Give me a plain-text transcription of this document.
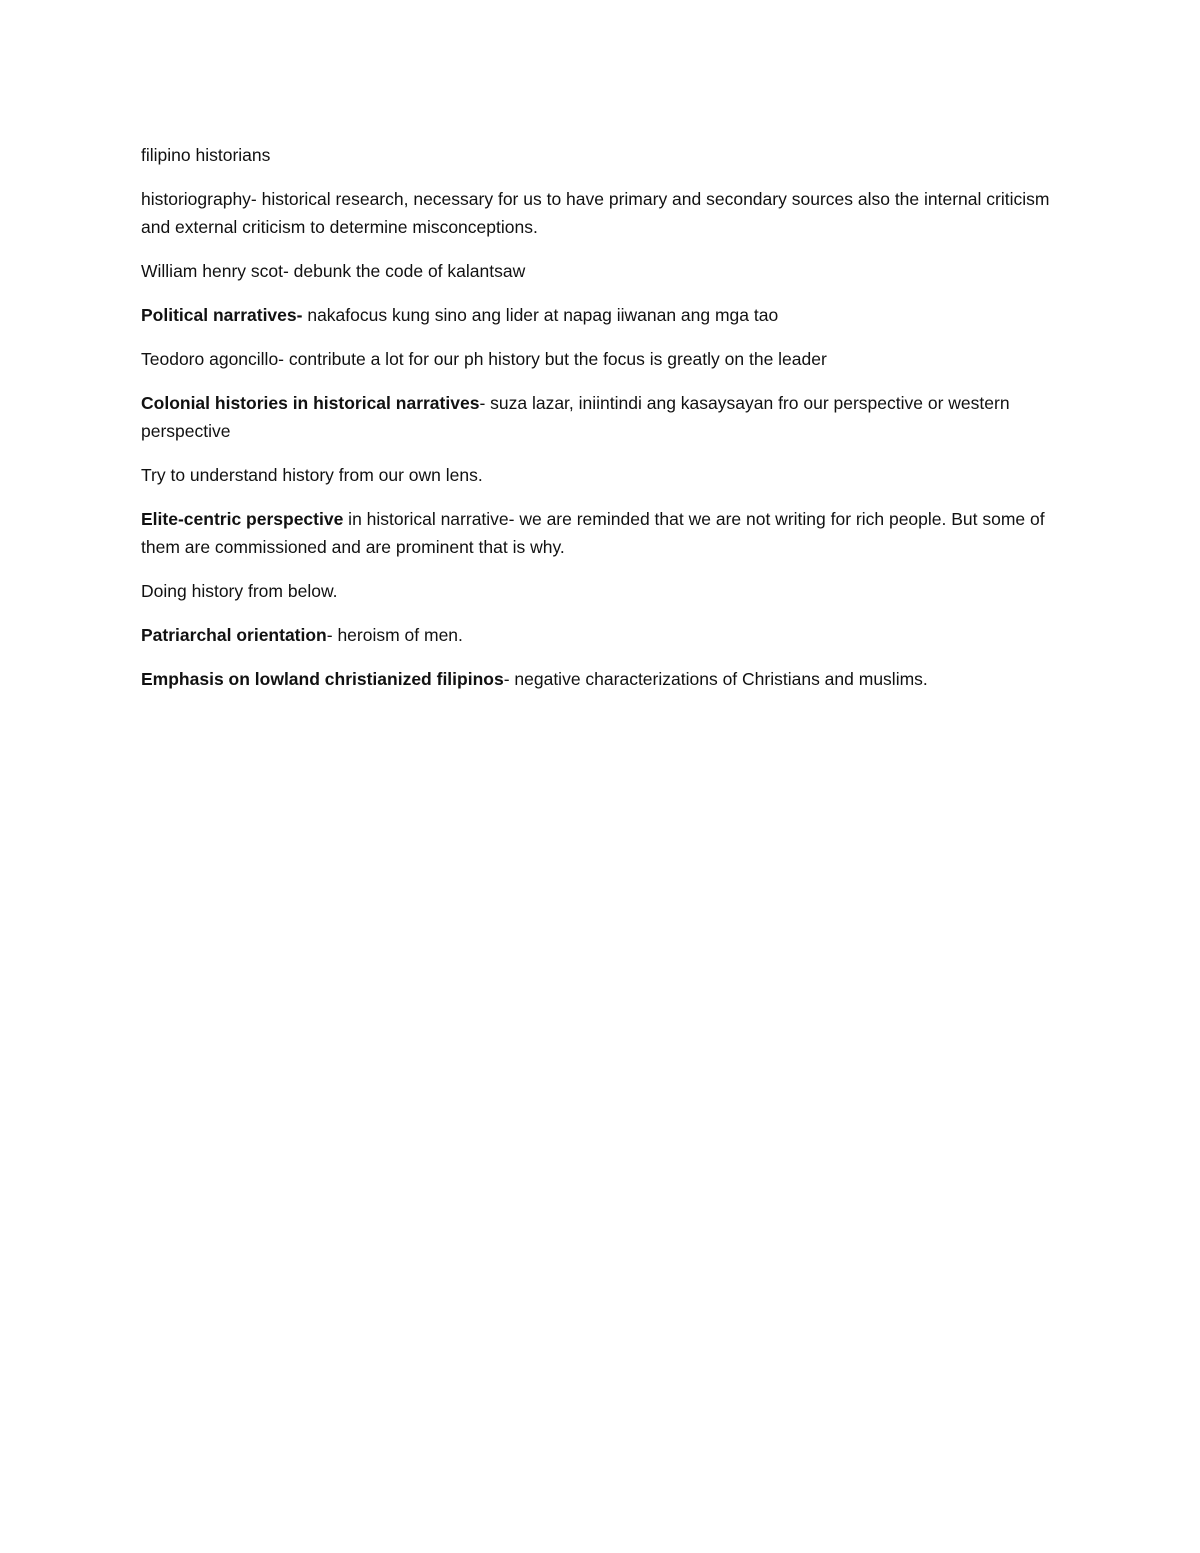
filipino historians

historiography- historical research, necessary for us to have primary and secondary sources also the internal criticism and external criticism to determine misconceptions.

William henry scot- debunk the code of kalantsaw

Political narratives- nakafocus kung sino ang lider at napag iiwanan ang mga tao

Teodoro agoncillo- contribute a lot for our ph history but the focus is greatly on the leader

Colonial histories in historical narratives- suza lazar, iniintindi ang kasaysayan fro our perspective or western perspective

Try to understand history from our own lens.

Elite-centric perspective in historical narrative- we are reminded that we are not writing for rich people. But some of them are commissioned and are prominent that is why.

Doing history from below.

Patriarchal orientation- heroism of men.

Emphasis on lowland christianized filipinos- negative characterizations of Christians and muslims.
